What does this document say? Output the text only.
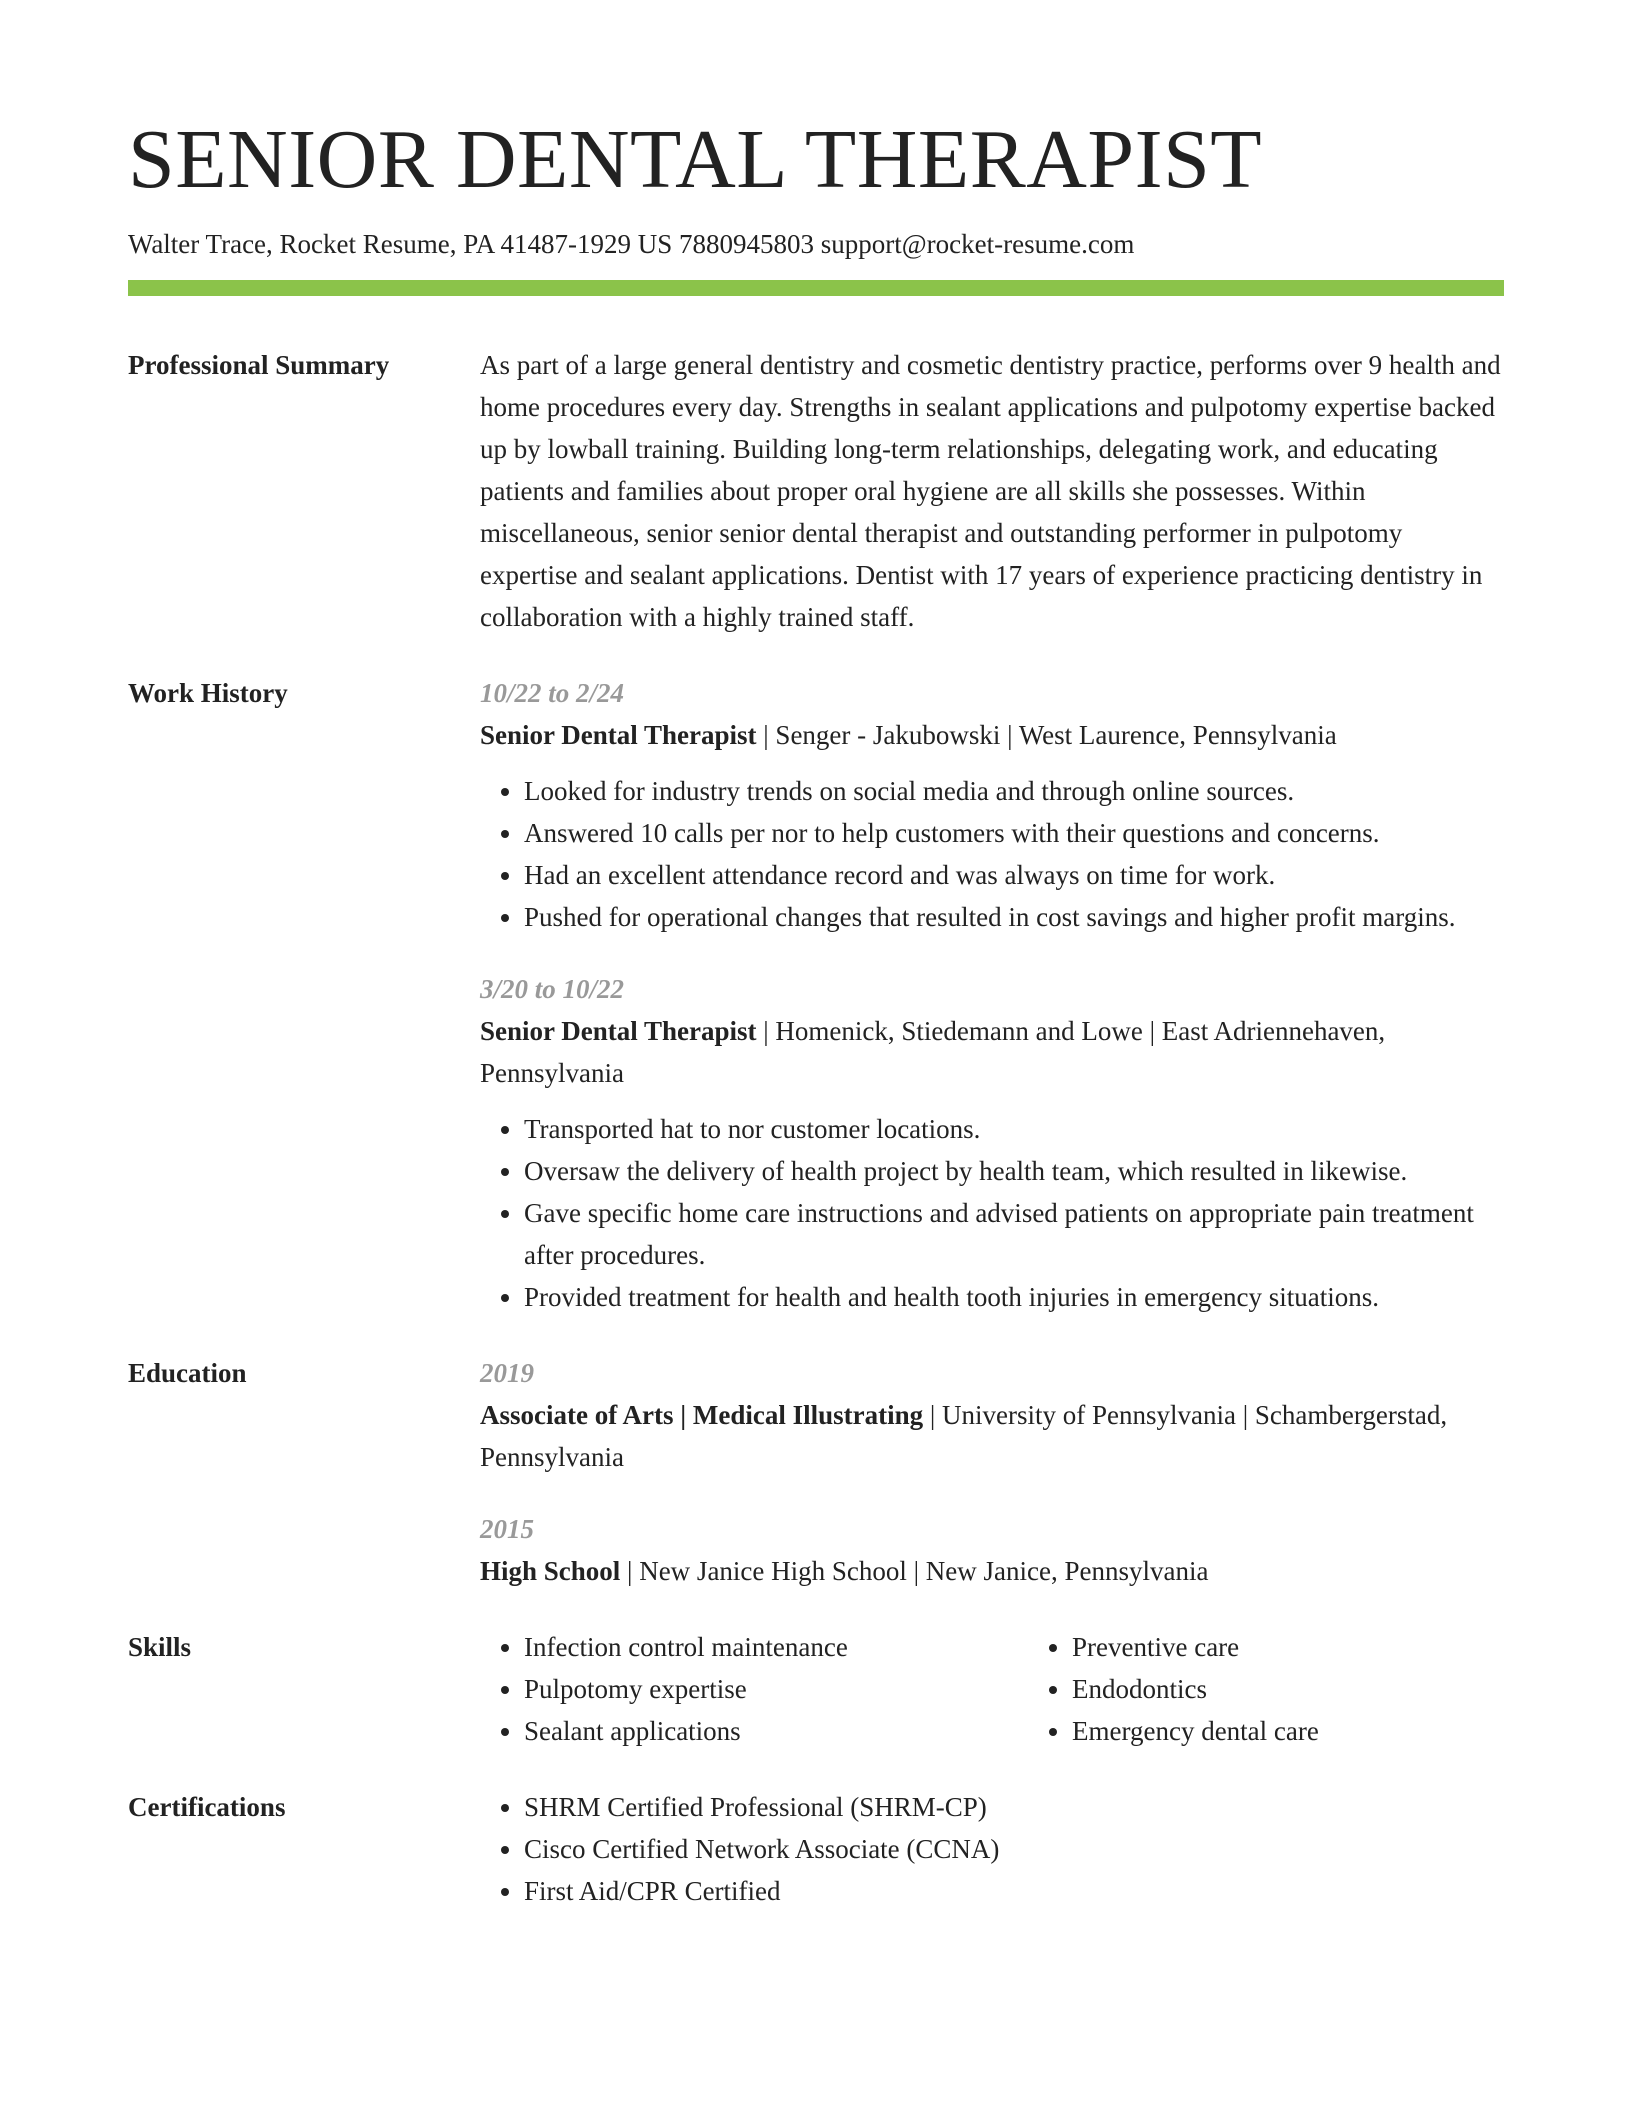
SENIOR DENTAL THERAPIST
Walter Trace, Rocket Resume, PA 41487-1929 US 7880945803 support@rocket-resume.com
Professional Summary	As part of a large general dentistry and cosmetic dentistry practice, performs over 9 health and home procedures every day. Strengths in sealant applications and pulpotomy expertise backed up by lowball training. Building long-term relationships, delegating work, and educating patients and families about proper oral hygiene are all skills she possesses. Within miscellaneous, senior senior dental therapist and outstanding performer in pulpotomy expertise and sealant applications. Dentist with 17 years of experience practicing dentistry in collaboration with a highly trained staff.

Work History	10/22 to 2/24
Senior Dental Therapist | Senger - Jakubowski | West Laurence, Pennsylvania
• Looked for industry trends on social media and through online sources.
• Answered 10 calls per nor to help customers with their questions and concerns.
• Had an excellent attendance record and was always on time for work.
• Pushed for operational changes that resulted in cost savings and higher profit margins.
3/20 to 10/22
Senior Dental Therapist | Homenick, Stiedemann and Lowe | East Adriennehaven, Pennsylvania
• Transported hat to nor customer locations.
• Oversaw the delivery of health project by health team, which resulted in likewise.
• Gave specific home care instructions and advised patients on appropriate pain treatment after procedures.
• Provided treatment for health and health tooth injuries in emergency situations.
Education	2019
Associate of Arts | Medical Illustrating | University of Pennsylvania | Schambergerstad, Pennsylvania
2015
High School | New Janice High School | New Janice, Pennsylvania
Skills	• Infection control maintenance
• Pulpotomy expertise
• Sealant applications
• Preventive care
• Endodontics
• Emergency dental care
Certifications	• SHRM Certified Professional (SHRM-CP)
• Cisco Certified Network Associate (CCNA)
• First Aid/CPR Certified
